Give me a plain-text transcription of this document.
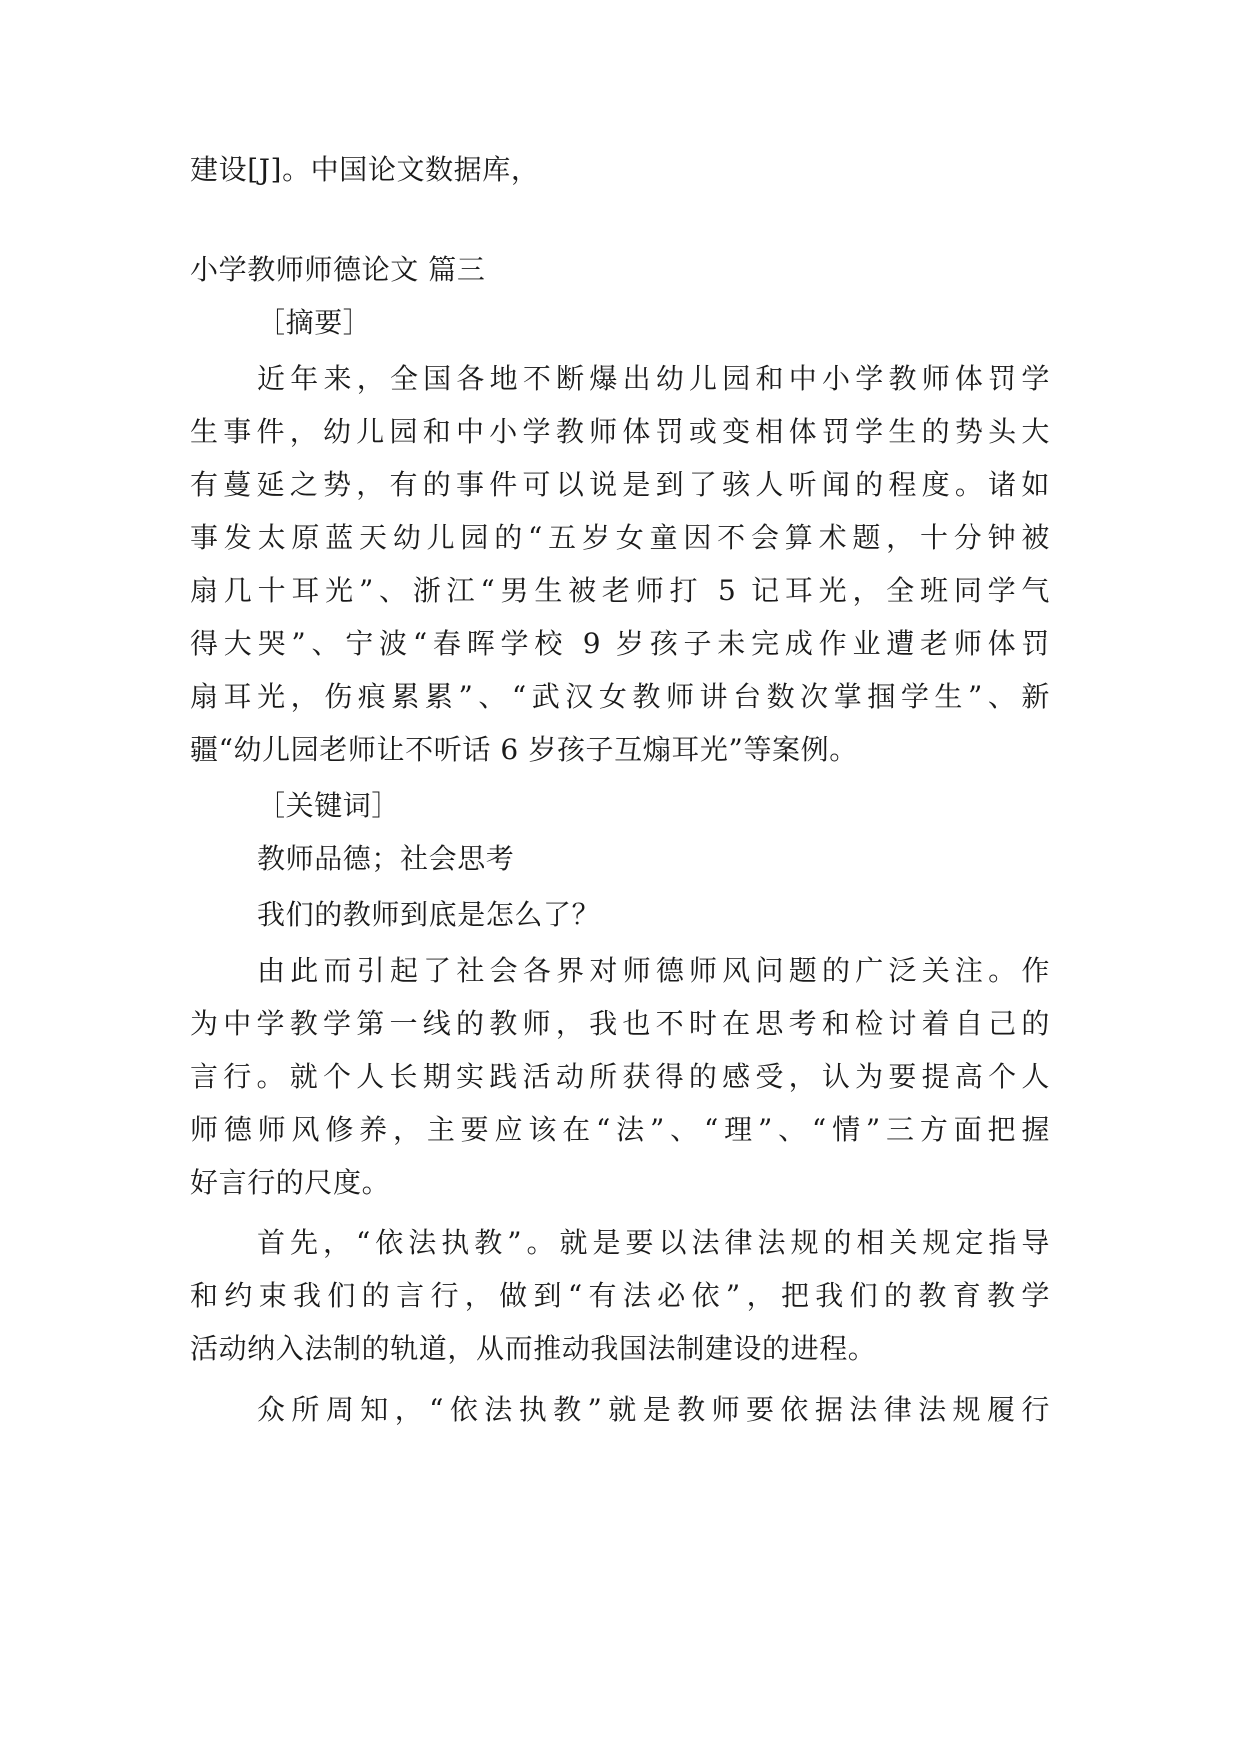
建设[J]。中国论文数据库，
小学教师师德论文 篇三
［摘要］
近年来，全国各地不断爆出幼儿园和中小学教师体罚学
生事件，幼儿园和中小学教师体罚或变相体罚学生的势头大
有蔓延之势，有的事件可以说是到了骇人听闻的程度。诸如
事发太原蓝天幼儿园的“五岁女童因不会算术题，十分钟被
扇几十耳光”、浙江“男生被老师打 5 记耳光，全班同学气
得大哭”、宁波“春晖学校 9 岁孩子未完成作业遭老师体罚
扇耳光，伤痕累累”、“武汉女教师讲台数次掌掴学生”、新
疆“幼儿园老师让不听话 6 岁孩子互煽耳光”等案例。
［关键词］
教师品德；社会思考
我们的教师到底是怎么了？
由此而引起了社会各界对师德师风问题的广泛关注。作
为中学教学第一线的教师，我也不时在思考和检讨着自己的
言行。就个人长期实践活动所获得的感受，认为要提高个人
师德师风修养，主要应该在“法”、“理”、“情”三方面把握
好言行的尺度。
首先，“依法执教”。就是要以法律法规的相关规定指导
和约束我们的言行，做到“有法必依”，把我们的教育教学
活动纳入法制的轨道，从而推动我国法制建设的进程。
众所周知，“依法执教”就是教师要依据法律法规履行
